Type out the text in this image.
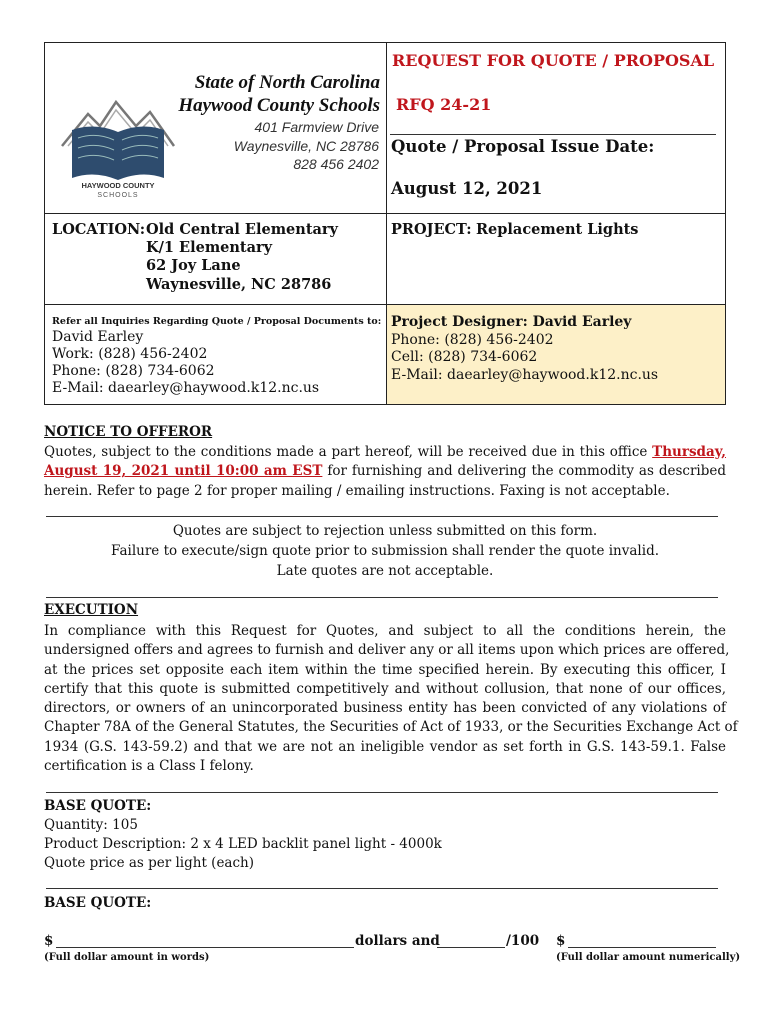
HAYWOOD COUNTY
SCHOOLS
State of North Carolina
Haywood County Schools
401 Farmview Drive
Waynesville, NC 28786
828 456 2402
REQUEST FOR QUOTE / PROPOSAL
RFQ 24-21
Quote / Proposal Issue Date:
August 12, 2021
LOCATION: Old Central Elementary
K/1 Elementary
62 Joy Lane
Waynesville, NC 28786
PROJECT: Replacement Lights
Refer all Inquiries Regarding Quote / Proposal Documents to:
David Earley
Work: (828) 456-2402
Phone: (828) 734-6062
E-Mail: daearley@haywood.k12.nc.us
Project Designer: David Earley
Phone: (828) 456-2402
Cell: (828) 734-6062
E-Mail: daearley@haywood.k12.nc.us
NOTICE TO OFFEROR
Quotes, subject to the conditions made a part hereof, will be received due in this office Thursday,
August 19, 2021 until 10:00 am EST for furnishing and delivering the commodity as described
herein. Refer to page 2 for proper mailing / emailing instructions. Faxing is not acceptable.
Quotes are subject to rejection unless submitted on this form.
Failure to execute/sign quote prior to submission shall render the quote invalid.
Late quotes are not acceptable.
EXECUTION
In compliance with this Request for Quotes, and subject to all the conditions herein, the
undersigned offers and agrees to furnish and deliver any or all items upon which prices are offered,
at the prices set opposite each item within the time specified herein. By executing this officer, I
certify that this quote is submitted competitively and without collusion, that none of our offices,
directors, or owners of an unincorporated business entity has been convicted of any violations of
Chapter 78A of the General Statutes, the Securities of Act of 1933, or the Securities Exchange Act of
1934 (G.S. 143-59.2) and that we are not an ineligible vendor as set forth in G.S. 143-59.1. False
certification is a Class I felony.
BASE QUOTE:
Quantity: 105
Product Description: 2 x 4 LED backlit panel light - 4000k
Quote price as per light (each)
BASE QUOTE:
$	dollars and	/100 $
(Full dollar amount in words)	(Full dollar amount numerically)
